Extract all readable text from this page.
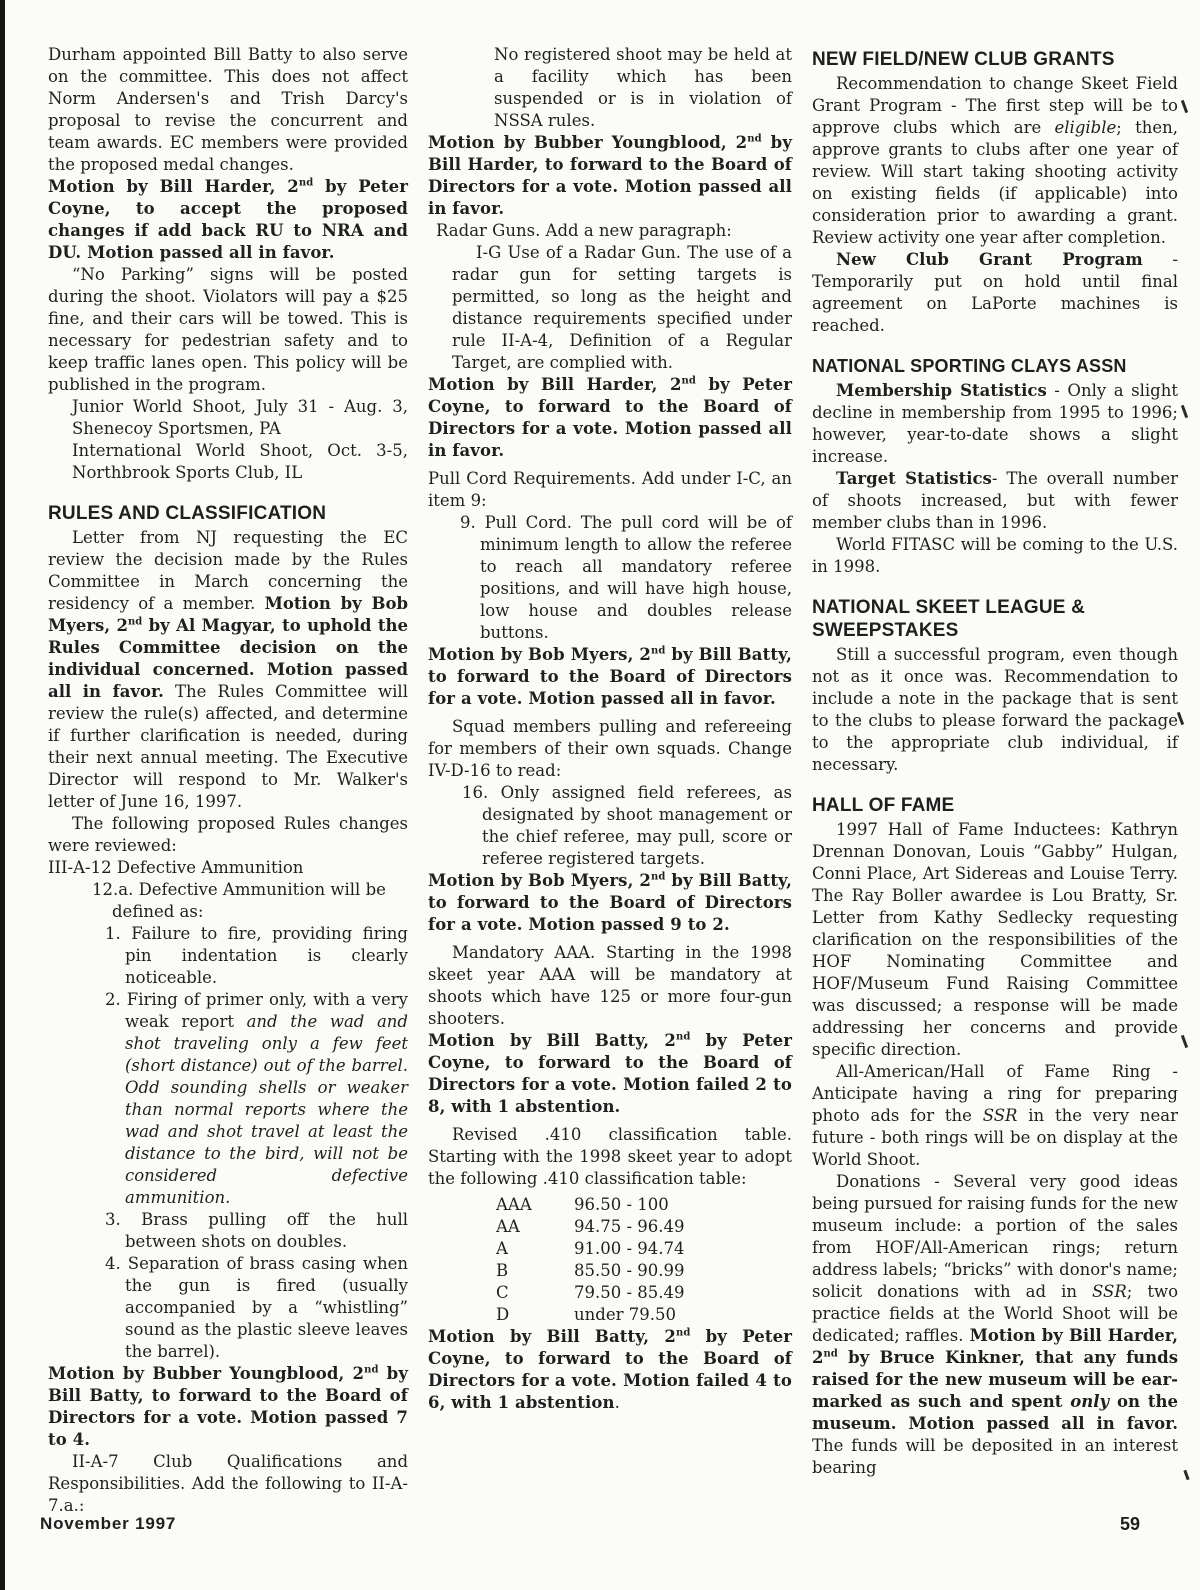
Durham appointed Bill Batty to also serve on the committee. This does not affect Norm Andersen's and Trish Darcy's proposal to revise the concurrent and team awards. EC members were provided the proposed medal changes.

Motion by Bill Harder, 2nd by Peter Coyne, to accept the proposed changes if add back RU to NRA and DU. Motion passed all in favor.

“No Parking” signs will be posted during the shoot. Violators will pay a $25 fine, and their cars will be towed. This is necessary for pedestrian safety and to keep traffic lanes open. This policy will be published in the program.

Junior World Shoot, July 31 - Aug. 3, Shenecoy Sportsmen, PA

International World Shoot, Oct. 3-5, Northbrook Sports Club, IL

RULES AND CLASSIFICATION

Letter from NJ requesting the EC review the decision made by the Rules Committee in March concerning the residency of a member. Motion by Bob Myers, 2nd by Al Magyar, to uphold the Rules Committee decision on the individual concerned. Motion passed all in favor. The Rules Committee will review the rule(s) affected, and determine if further clarification is needed, during their next annual meeting. The Executive Director will respond to Mr. Walker's letter of June 16, 1997.

The following proposed Rules changes were reviewed:

III-A-12 Defective Ammunition

12.a. Defective Ammunition will be defined as:

1. Failure to fire, providing firing pin indentation is clearly noticeable.

2. Firing of primer only, with a very weak report and the wad and shot traveling only a few feet (short distance) out of the barrel. Odd sounding shells or weaker than normal reports where the wad and shot travel at least the distance to the bird, will not be considered defective ammunition.

3. Brass pulling off the hull between shots on doubles.

4. Separation of brass casing when the gun is fired (usually accompanied by a “whistling” sound as the plastic sleeve leaves the barrel).

Motion by Bubber Youngblood, 2nd by Bill Batty, to forward to the Board of Directors for a vote. Motion passed 7 to 4.

II-A-7 Club Qualifications and Responsibilities. Add the following to II-A-7.a.:

No registered shoot may be held at a facility which has been suspended or is in violation of NSSA rules.

Motion by Bubber Youngblood, 2nd by Bill Harder, to forward to the Board of Directors for a vote. Motion passed all in favor.

Radar Guns. Add a new paragraph:

I-G Use of a Radar Gun. The use of a radar gun for setting targets is permitted, so long as the height and distance requirements specified under rule II-A-4, Definition of a Regular Target, are complied with.

Motion by Bill Harder, 2nd by Peter Coyne, to forward to the Board of Directors for a vote. Motion passed all in favor.

Pull Cord Requirements. Add under I-C, an item 9:

9. Pull Cord. The pull cord will be of minimum length to allow the referee to reach all mandatory referee positions, and will have high house, low house and doubles release buttons.

Motion by Bob Myers, 2nd by Bill Batty, to forward to the Board of Directors for a vote. Motion passed all in favor.

Squad members pulling and refereeing for members of their own squads. Change IV-D-16 to read:

16. Only assigned field referees, as designated by shoot management or the chief referee, may pull, score or referee registered targets.

Motion by Bob Myers, 2nd by Bill Batty, to forward to the Board of Directors for a vote. Motion passed 9 to 2.

Mandatory AAA. Starting in the 1998 skeet year AAA will be mandatory at shoots which have 125 or more four-gun shooters.

Motion by Bill Batty, 2nd by Peter Coyne, to forward to the Board of Directors for a vote. Motion failed 2 to 8, with 1 abstention.

Revised .410 classification table. Starting with the 1998 skeet year to adopt the following .410 classification table:

AAA	96.50 - 100
AA	94.75 - 96.49
A	91.00 - 94.74
B	85.50 - 90.99
C	79.50 - 85.49
D	under 79.50

Motion by Bill Batty, 2nd by Peter Coyne, to forward to the Board of Directors for a vote. Motion failed 4 to 6, with 1 abstention.

NEW FIELD/NEW CLUB GRANTS

Recommendation to change Skeet Field Grant Program - The first step will be to approve clubs which are eligible; then, approve grants to clubs after one year of review. Will start taking shooting activity on existing fields (if applicable) into consideration prior to awarding a grant. Review activity one year after completion.

New Club Grant Program - Temporarily put on hold until final agreement on LaPorte machines is reached.

NATIONAL SPORTING CLAYS ASSN

Membership Statistics - Only a slight decline in membership from 1995 to 1996; however, year-to-date shows a slight increase.

Target Statistics- The overall number of shoots increased, but with fewer member clubs than in 1996.

World FITASC will be coming to the U.S. in 1998.

NATIONAL SKEET LEAGUE & SWEEPSTAKES

Still a successful program, even though not as it once was. Recommendation to include a note in the package that is sent to the clubs to please forward the package to the appropriate club individual, if necessary.

HALL OF FAME

1997 Hall of Fame Inductees: Kathryn Drennan Donovan, Louis “Gabby” Hulgan, Conni Place, Art Sidereas and Louise Terry. The Ray Boller awardee is Lou Bratty, Sr. Letter from Kathy Sedlecky requesting clarification on the responsibilities of the HOF Nominating Committee and HOF/Museum Fund Raising Committee was discussed; a response will be made addressing her concerns and provide specific direction.

All-American/Hall of Fame Ring - Anticipate having a ring for preparing photo ads for the SSR in the very near future - both rings will be on display at the World Shoot.

Donations - Several very good ideas being pursued for raising funds for the new museum include: a portion of the sales from HOF/All-American rings; return address labels; “bricks” with donor's name; solicit donations with ad in SSR; two practice fields at the World Shoot will be dedicated; raffles. Motion by Bill Harder, 2nd by Bruce Kinkner, that any funds raised for the new museum will be ear-marked as such and spent only on the museum. Motion passed all in favor. The funds will be deposited in an interest bearing

November 1997	59
